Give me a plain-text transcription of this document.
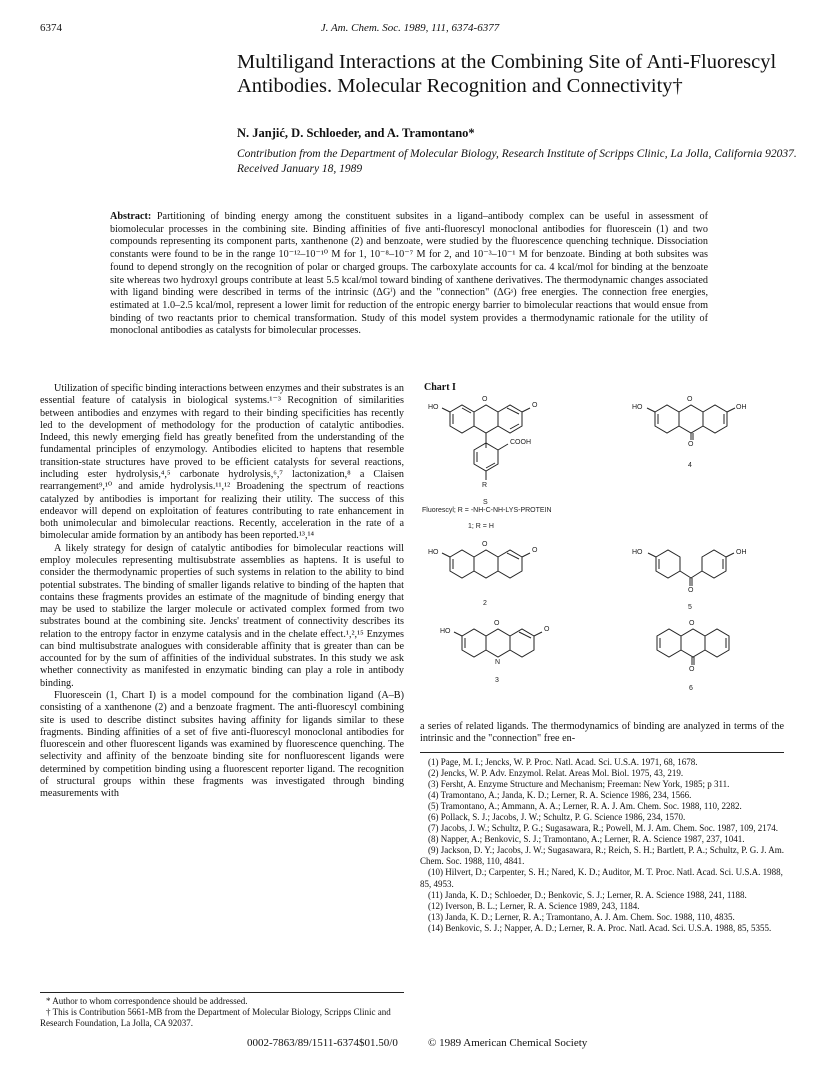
6374	J. Am. Chem. Soc. 1989, 111, 6374-6377
Multiligand Interactions at the Combining Site of Anti-Fluorescyl Antibodies. Molecular Recognition and Connectivity†
N. Janjić, D. Schloeder, and A. Tramontano*
Contribution from the Department of Molecular Biology, Research Institute of Scripps Clinic, La Jolla, California 92037. Received January 18, 1989
Abstract: Partitioning of binding energy among the constituent subsites in a ligand–antibody complex can be useful in assessment of biomolecular processes in the combining site. Binding affinities of five anti-fluorescyl monoclonal antibodies for fluorescein (1) and two compounds representing its component parts, xanthenone (2) and benzoate, were studied by the fluorescence quenching technique. Dissociation constants were found to be in the range 10⁻¹²–10⁻¹⁰ M for 1, 10⁻⁸–10⁻⁷ M for 2, and 10⁻³–10⁻¹ M for benzoate. Binding at both subsites was found to depend strongly on the recognition of polar or charged groups. The carboxylate accounts for ca. 4 kcal/mol for binding at the benzoate site whereas two hydroxyl groups contribute at least 5.5 kcal/mol toward binding of xanthene derivatives. The thermodynamic changes associated with ligand binding were described in terms of the intrinsic (ΔGⁱ) and the "connection" (ΔGˢ) free energies. The connection free energies, estimated at 1.0–2.5 kcal/mol, represent a lower limit for reduction of the entropic energy barrier to bimolecular reactions that would ensue from binding of two reactants prior to chemical transformation. Study of this model system provides a thermodynamic rationale for the utility of monoclonal antibodies as catalysts for bimolecular processes.

Utilization of specific binding interactions between enzymes and their substrates is an essential feature of catalysis in biological systems.¹⁻³ Recognition of similarities between antibodies and enzymes with regard to their binding specificities has recently led to the development of methodology for the production of catalytic antibodies. Indeed, this newly emerging field has greatly benefited from the understanding of the fundamental principles of enzymology. Antibodies elicited to haptens that resemble transition-state structures have proved to be efficient catalysts for several reactions, including ester hydrolysis,⁴,⁵ carbonate hydrolysis,⁶,⁷ lactonization,⁸ a Claisen rearrangement⁹,¹⁰ and amide hydrolysis.¹¹,¹² Broadening the spectrum of reactions catalyzed by antibodies is important for realizing their utility. The success of this endeavor will depend on exploitation of features contributing to rate enhancement in both unimolecular and bimolecular reactions. Recently, acceleration in the rate of a bimolecular amide formation by an antibody has been reported.¹³,¹⁴

A likely strategy for design of catalytic antibodies for bimolecular reactions will employ molecules representing multisubstrate assemblies as haptens. It is useful to consider the thermodynamic properties of such systems in relation to the ability to bind potential substrates. The binding of smaller ligands relative to binding of the hapten that contains these fragments provides an estimate of the magnitude of binding energy that may be used to stabilize the larger molecule or activated complex formed from two substrates bound at the combining site. Jencks' treatment of connectivity describes its relation to the entropy factor in enzyme catalysis and in the chelate effect.¹,²,¹⁵ Enzymes can bind multisubstrate analogues with considerable affinity that is greater than can be accounted for by the sum of affinities of the individual substrates. In this study we ask whether connectivity as manifested in enzymatic binding can play a role in antibody binding.

Fluorescein (1, Chart I) is a model compound for the combination ligand (A–B) consisting of a xanthenone (2) and a benzoate fragment. The anti-fluorescyl combining site is used to describe distinct subsites having affinity for ligands similar to these fragments. Binding affinities of a set of five anti-fluorescyl monoclonal antibodies for fluorescein and other fluorescent ligands was examined by fluorescence quenching. The selectivity and affinity of the benzoate binding site for nonfluorescent ligands were determined by competition binding using a fluorescent reporter ligand. The recognition of structural groups within these fragments was investigated through binding measurements with

* Author to whom correspondence should be addressed.
† This is Contribution 5661-MB from the Department of Molecular Biology, Scripps Clinic and Research Foundation, La Jolla, CA 92037.
Chart I
HO
O
O
COOH
R
S
Fluorescyl; R = -NH-C-NH-LYS-PROTEIN
1; R = H
HO
O
OH
O
4
HO
O
O
2
HO	OH
O
5
HO
O
O
N
3
O
O
6
a series of related ligands. The thermodynamics of binding are analyzed in terms of the intrinsic and the "connection" free en-
(1) Page, M. I.; Jencks, W. P. Proc. Natl. Acad. Sci. U.S.A. 1971, 68, 1678.
(2) Jencks, W. P. Adv. Enzymol. Relat. Areas Mol. Biol. 1975, 43, 219.
(3) Fersht, A. Enzyme Structure and Mechanism; Freeman: New York, 1985; p 311.
(4) Tramontano, A.; Janda, K. D.; Lerner, R. A. Science 1986, 234, 1566.
(5) Tramontano, A.; Ammann, A. A.; Lerner, R. A. J. Am. Chem. Soc. 1988, 110, 2282.
(6) Pollack, S. J.; Jacobs, J. W.; Schultz, P. G. Science 1986, 234, 1570.
(7) Jacobs, J. W.; Schultz, P. G.; Sugasawara, R.; Powell, M. J. Am. Chem. Soc. 1987, 109, 2174.
(8) Napper, A.; Benkovic, S. J.; Tramontano, A.; Lerner, R. A. Science 1987, 237, 1041.
(9) Jackson, D. Y.; Jacobs, J. W.; Sugasawara, R.; Reich, S. H.; Bartlett, P. A.; Schultz, P. G. J. Am. Chem. Soc. 1988, 110, 4841.
(10) Hilvert, D.; Carpenter, S. H.; Nared, K. D.; Auditor, M. T. Proc. Natl. Acad. Sci. U.S.A. 1988, 85, 4953.
(11) Janda, K. D.; Schloeder, D.; Benkovic, S. J.; Lerner, R. A. Science 1988, 241, 1188.
(12) Iverson, B. L.; Lerner, R. A. Science 1989, 243, 1184.
(13) Janda, K. D.; Lerner, R. A.; Tramontano, A. J. Am. Chem. Soc. 1988, 110, 4835.
(14) Benkovic, S. J.; Napper, A. D.; Lerner, R. A. Proc. Natl. Acad. Sci. U.S.A. 1988, 85, 5355.
0002-7863/89/1511-6374$01.50/0	© 1989 American Chemical Society
